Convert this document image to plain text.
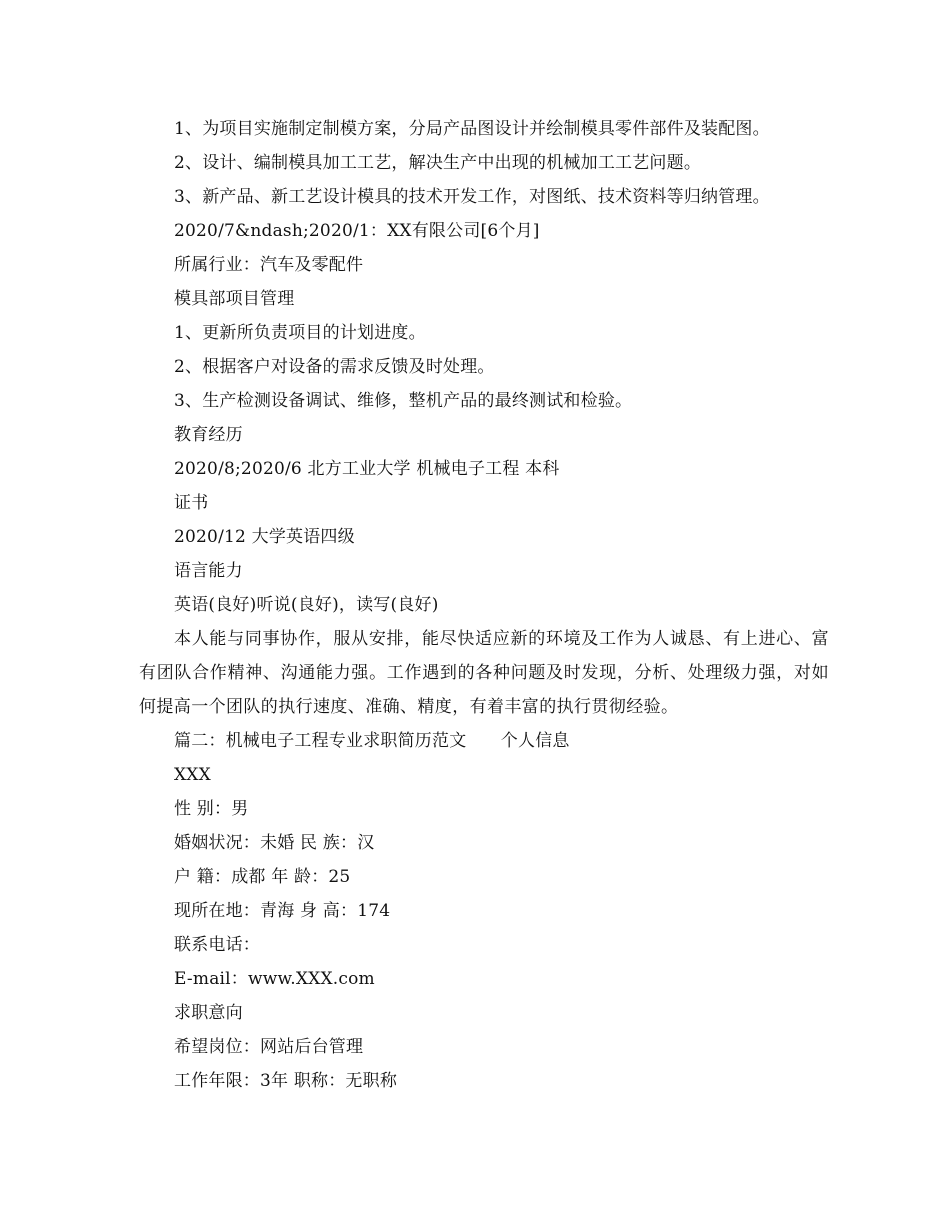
1、为项目实施制定制模方案，分局产品图设计并绘制模具零件部件及装配图。
2、设计、编制模具加工工艺，解决生产中出现的机械加工工艺问题。
3、新产品、新工艺设计模具的技术开发工作，对图纸、技术资料等归纳管理。
2020/7&ndash;2020/1：XX有限公司[6个月]
所属行业：汽车及零配件
模具部项目管理
1、更新所负责项目的计划进度。
2、根据客户对设备的需求反馈及时处理。
3、生产检测设备调试、维修，整机产品的最终测试和检验。
教育经历
2020/8;2020/6 北方工业大学 机械电子工程 本科
证书
2020/12 大学英语四级
语言能力
英语(良好)听说(良好)，读写(良好)
本人能与同事协作，服从安排，能尽快适应新的环境及工作为人诚恳、有上进心、富有团队合作精神、沟通能力强。工作遇到的各种问题及时发现，分析、处理级力强，对如何提高一个团队的执行速度、准确、精度，有着丰富的执行贯彻经验。
篇二：机械电子工程专业求职简历范文　　个人信息
XXX
性 别：男
婚姻状况：未婚 民 族：汉
户 籍：成都 年 龄：25
现所在地：青海 身 高：174
联系电话：
E-mail：www.XXX.com
求职意向
希望岗位：网站后台管理
工作年限：3年 职称：无职称
